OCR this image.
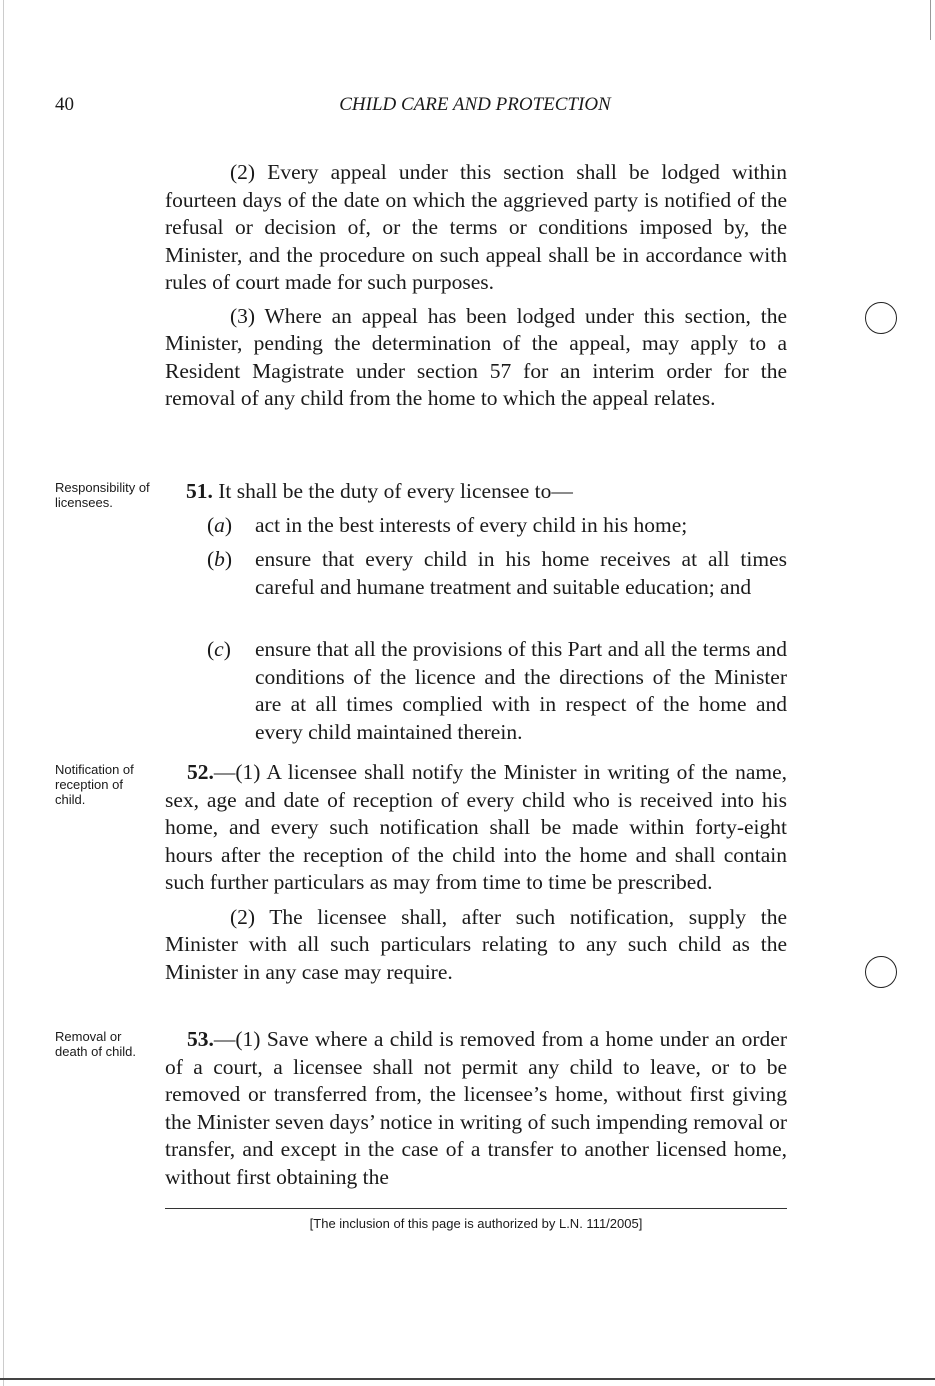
40	CHILD CARE AND PROTECTION

(2) Every appeal under this section shall be lodged within fourteen days of the date on which the aggrieved party is notified of the refusal or decision of, or the terms or conditions imposed by, the Minister, and the procedure on such appeal shall be in accordance with rules of court made for such purposes.

(3) Where an appeal has been lodged under this section, the Minister, pending the determination of the appeal, may apply to a Resident Magistrate under section 57 for an interim order for the removal of any child from the home to which the appeal relates.

Responsibility of licensees.	51. It shall be the duty of every licensee to—
(a) act in the best interests of every child in his home;
(b) ensure that every child in his home receives at all times careful and humane treatment and suitable education; and
(c) ensure that all the provisions of this Part and all the terms and conditions of the licence and the directions of the Minister are at all times complied with in respect of the home and every child maintained therein.
Notification of reception of child.

52.—(1) A licensee shall notify the Minister in writing of the name, sex, age and date of reception of every child who is received into his home, and every such notification shall be made within forty-eight hours after the reception of the child into the home and shall contain such further particulars as may from time to time be prescribed.

(2) The licensee shall, after such notification, supply the Minister with all such particulars relating to any such child as the Minister in any case may require.

Removal or death of child.

53.—(1) Save where a child is removed from a home under an order of a court, a licensee shall not permit any child to leave, or to be removed or transferred from, the licensee’s home, without first giving the Minister seven days’ notice in writing of such impending removal or transfer, and except in the case of a transfer to another licensed home, without first obtaining the

[The inclusion of this page is authorized by L.N. 111/2005]
